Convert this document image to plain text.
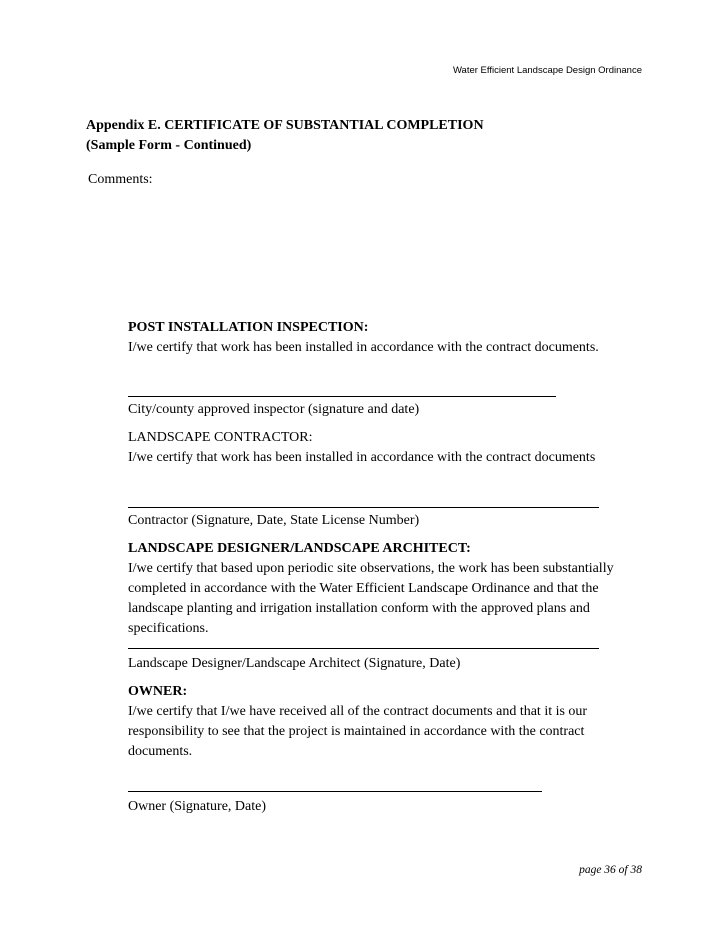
Water Efficient Landscape Design Ordinance
Appendix E. CERTIFICATE OF SUBSTANTIAL COMPLETION
(Sample Form - Continued)
Comments:
POST INSTALLATION INSPECTION:
I/we certify that work has been installed in accordance with the contract documents.
City/county approved inspector (signature and date)
LANDSCAPE CONTRACTOR:
I/we certify that work has been installed in accordance with the contract documents
Contractor (Signature, Date, State License Number)
LANDSCAPE DESIGNER/LANDSCAPE ARCHITECT:
I/we certify that based upon periodic site observations, the work has been substantially completed in accordance with the Water Efficient Landscape Ordinance and that the landscape planting and irrigation installation conform with the approved plans and specifications.
Landscape Designer/Landscape Architect (Signature, Date)
OWNER:
I/we certify that I/we have received all of the contract documents and that it is our responsibility to see that the project is maintained in accordance with the contract documents.
Owner (Signature, Date)
page 36 of 38
